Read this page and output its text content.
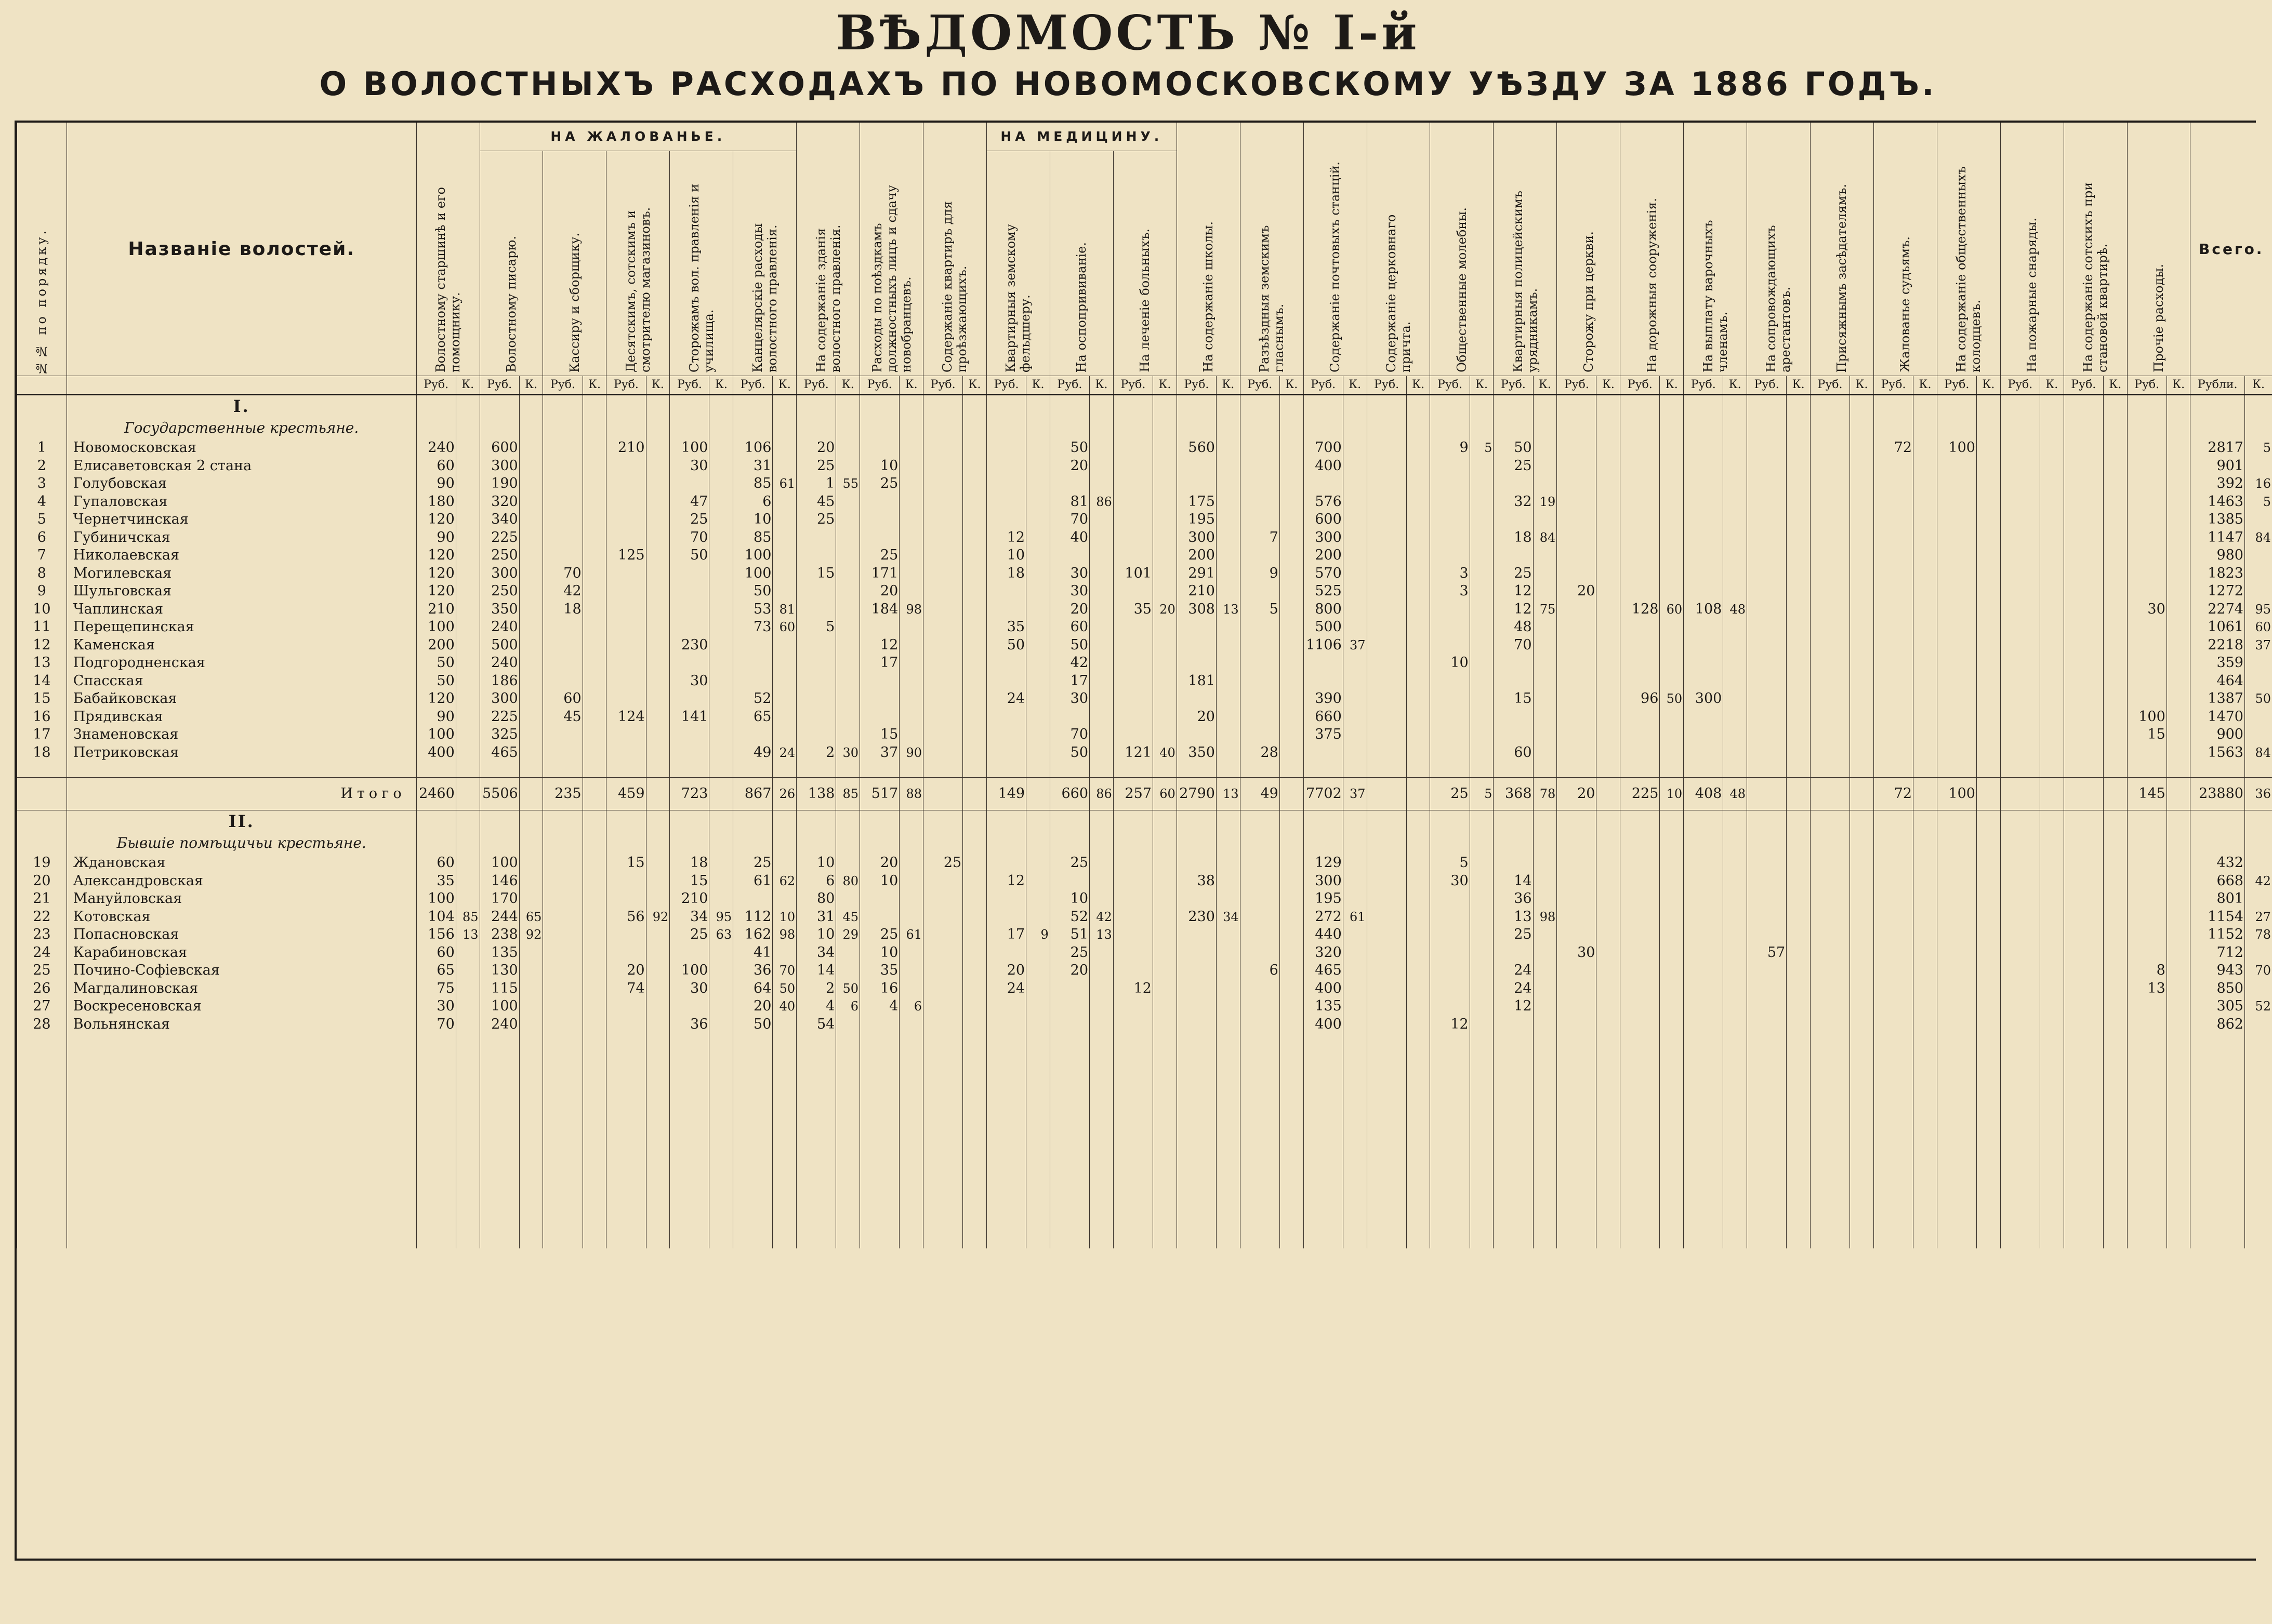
ВѢДОМОСТЬ № I-й
О ВОЛОСТНЫХЪ РАСХОДАХЪ ПО НОВОМОСКОВСКОМУ УѢЗДУ ЗА 1886 ГОДЪ.
№№ по порядку.	Названіе волостей.			НА ЖАЛОВАНЬЕ.																НА МЕДИЦИНУ.																																						Всего.	

		Волостному старшинѣ и его помощнику.		Волостному писарю.		Кассиру и сборщику.		Десятскимъ, сотскимъ и смотрителю магазиновъ.		Сторожамъ вол. правленія и училища.		Канцелярскіе расходы волостного правленія.		На содержаніе зданія волостного правленія.		Расходы по поѣздкамъ должностныхъ лицъ и сдачу новобранцевъ.		Содержаніе квартиръ для проѣзжающихъ.		Квартирныя земскому фельдшеру.		На оспопрививаніе.		На леченіе больныхъ.		На содержаніе школы.		Разъѣздныя земскимъ гласнымъ.		Содержаніе почтовыхъ станцій.		Содержаніе церковнаго причта.		Общественные молебны.		Квартирныя полицейскимъ урядникамъ.		Сторожу при церкви.		На дорожныя сооруженія.		На выплату варочныхъ членамъ.		На сопровождающихъ арестантовъ.		Присяжнымъ засѣдателямъ.		Жалованье судьямъ.		На содержаніе общественныхъ колодцевъ.		На пожарные снаряды.		На содержаніе сотскихъ при становой квартирѣ.		Прочіе расходы.			

		Руб.	К.	Руб.	К.	Руб.	К.	Руб.	К.	Руб.	К.	Руб.	К.	Руб.	К.	Руб.	К.	Руб.	К.	Руб.	К.	Руб.	К.	Руб.	К.	Руб.	К.	Руб.	К.	Руб.	К.	Руб.	К.	Руб.	К.	Руб.	К.	Руб.	К.	Руб.	К.	Руб.	К.	Руб.	К.	Руб.	К.	Руб.	К.	Руб.	К.	Руб.	К.	Руб.	К.	Руб.	К.	Рубли.	К.
	I.																																																										
	Государственные крестьяне.																																																										
1	Новомосковская	240		600				210		100		106		20								50				560				700				9	5	50												72		100								2817	5
2	Елисаветовская 2 стана	60		300						30		31		25		10						20								400						25																						901	
3	Голубовская	90		190								85	61	1	55	25																																										392	16
4	Гупаловская	180		320						47		6		45								81	86			175				576						32	19																					1463	5
5	Чернетчинская	120		340						25		10		25								70				195				600																												1385	
6	Губиничская	90		225						70		85								12		40				300		7		300						18	84																					1147	84
7	Николаевская	120		250				125		50		100				25				10						200				200																												980	
8	Могилевская	120		300		70						100		15		171				18		30		101		291		9		570				3		25																						1823	
9	Шульговская	120		250		42						50				20						30				210				525				3		12		20																				1272	
10	Чаплинская	210		350		18						53	81			184	98					20		35	20	308	13	5		800						12	75			128	60	108	48													30		2274	95
11	Перещепинская	100		240								73	60	5						35		60								500						48																						1061	60
12	Каменская	200		500						230						12				50		50								1106	37					70																						2218	37
13	Подгородненская	50		240												17						42												10																								359	
14	Спасская	50		186						30												17				181																																464	
15	Бабайковская	120		300		60						52								24		30								390						15				96	50	300																1387	50
16	Прядивская	90		225		45		124		141		65														20				660																										100		1470	
17	Знаменовская	100		325												15						70								375																										15		900	
18	Петриковская	400		465								49	24	2	30	37	90					50		121	40	350		28								60																						1563	84

	Итого	2460		5506		235		459		723		867	26	138	85	517	88			149		660	86	257	60	2790	13	49		7702	37			25	5	368	78	20		225	10	408	48					72		100						145		23880	36
	II.																																																										
	Бывшіе помѣщичьи крестьяне.																																																										
19	Ждановская	60		100				15		18		25		10		20		25				25								129				5																								432	
20	Александровская	35		146						15		61	62	6	80	10				12						38				300				30		14																						668	42
21	Мануйловская	100		170						210				80								10								195						36																						801	
22	Котовская	104	85	244	65			56	92	34	95	112	10	31	45							52	42			230	34			272	61					13	98																					1154	27
23	Попасновская	156	13	238	92					25	63	162	98	10	29	25	61			17	9	51	13							440						25																						1152	78
24	Карабиновская	60		135								41		34		10						25								320								30						57														712	
25	Почино-Софіевская	65		130				20		100		36	70	14		35				20		20						6		465						24																				8		943	70
26	Магдалиновская	75		115				74		30		64	50	2	50	16				24				12						400						24																				13		850	
27	Воскресеновская	30		100								20	40	4	6	4	6													135						12																						305	52
28	Вольнянская	70		240						36		50		54																400				12																								862	
